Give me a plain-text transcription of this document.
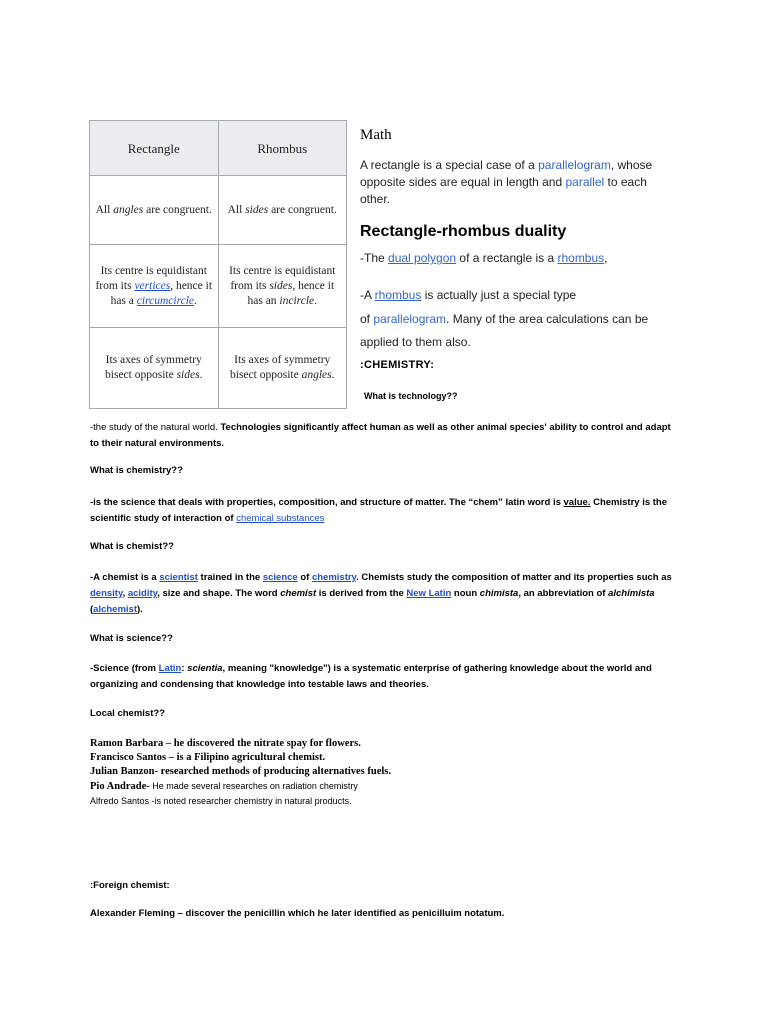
Rectangle	Rhombus
All angles are congruent.	All sides are congruent.
Its centre is equidistant from its vertices, hence it has a circumcircle.	Its centre is equidistant from its sides, hence it has an incircle.
Its axes of symmetry bisect opposite sides.	Its axes of symmetry bisect opposite angles.
Math
A rectangle is a special case of a parallelogram, whose opposite sides are equal in length and parallel to each other.
Rectangle-rhombus duality
-The dual polygon of a rectangle is a rhombus,
-A rhombus is actually just a special type
of parallelogram. Many of the area calculations can be
applied to them also.
:CHEMISTRY:
What is technology??
-the study of the natural world. Technologies significantly affect human as well as other animal species' ability to control and adapt to their natural environments.
What is chemistry??
-is the science that deals with properties, composition, and structure of matter. The “chem” latin word is value. Chemistry is the scientific study of interaction of chemical substances
What is chemist??
-A chemist is a scientist trained in the science of chemistry. Chemists study the composition of matter and its properties such as density, acidity, size and shape. The word chemist is derived from the New Latin noun chimista, an abbreviation of alchimista (alchemist).
What is science??
-Science (from Latin: scientia, meaning "knowledge") is a systematic enterprise of gathering knowledge about the world and organizing and condensing that knowledge into testable laws and theories.
Local chemist??
Ramon Barbara – he discovered the nitrate spay for flowers.
Francisco Santos – is a Filipino agricultural chemist.
Julian Banzon- researched methods of producing alternatives fuels.
Pio Andrade- He made several researches on radiation chemistry
Alfredo Santos -is noted researcher chemistry in natural products.
:Foreign chemist:
Alexander Fleming – discover the penicillin which he later identified as penicilluim notatum.
